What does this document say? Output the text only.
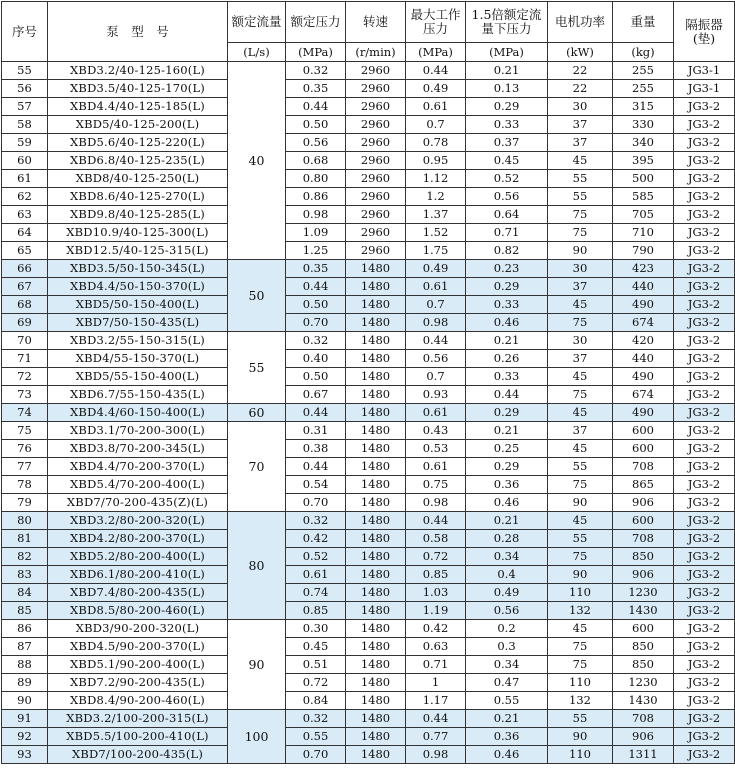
序号	泵　型　号	额定流量	额定压力	转速	最大工作压力	1.5倍额定流量下压力	电机功率	重量	隔振器(垫)
		(L/s)	(MPa)	(r/min)	(MPa)	(MPa)	(kW)	(kg)	
55	XBD3.2/40-125-160(L)	40	0.32	2960	0.44	0.21	22	255	JG3-1
56	XBD3.5/40-125-170(L)		0.35	2960	0.49	0.13	22	255	JG3-1
57	XBD4.4/40-125-185(L)		0.44	2960	0.61	0.29	30	315	JG3-2
58	XBD5/40-125-200(L)		0.50	2960	0.7	0.33	37	330	JG3-2
59	XBD5.6/40-125-220(L)		0.56	2960	0.78	0.37	37	340	JG3-2
60	XBD6.8/40-125-235(L)		0.68	2960	0.95	0.45	45	395	JG3-2
61	XBD8/40-125-250(L)		0.80	2960	1.12	0.52	55	500	JG3-2
62	XBD8.6/40-125-270(L)		0.86	2960	1.2	0.56	55	585	JG3-2
63	XBD9.8/40-125-285(L)		0.98	2960	1.37	0.64	75	705	JG3-2
64	XBD10.9/40-125-300(L)		1.09	2960	1.52	0.71	75	710	JG3-2
65	XBD12.5/40-125-315(L)		1.25	2960	1.75	0.82	90	790	JG3-2
66	XBD3.5/50-150-345(L)	50	0.35	1480	0.49	0.23	30	423	JG3-2
67	XBD4.4/50-150-370(L)		0.44	1480	0.61	0.29	37	440	JG3-2
68	XBD5/50-150-400(L)		0.50	1480	0.7	0.33	45	490	JG3-2
69	XBD7/50-150-435(L)		0.70	1480	0.98	0.46	75	674	JG3-2
70	XBD3.2/55-150-315(L)	55	0.32	1480	0.44	0.21	30	420	JG3-2
71	XBD4/55-150-370(L)		0.40	1480	0.56	0.26	37	440	JG3-2
72	XBD5/55-150-400(L)		0.50	1480	0.7	0.33	45	490	JG3-2
73	XBD6.7/55-150-435(L)		0.67	1480	0.93	0.44	75	674	JG3-2
74	XBD4.4/60-150-400(L)	60	0.44	1480	0.61	0.29	45	490	JG3-2
75	XBD3.1/70-200-300(L)	70	0.31	1480	0.43	0.21	37	600	JG3-2
76	XBD3.8/70-200-345(L)		0.38	1480	0.53	0.25	45	600	JG3-2
77	XBD4.4/70-200-370(L)		0.44	1480	0.61	0.29	55	708	JG3-2
78	XBD5.4/70-200-400(L)		0.54	1480	0.75	0.36	75	865	JG3-2
79	XBD7/70-200-435(Z)(L)		0.70	1480	0.98	0.46	90	906	JG3-2
80	XBD3.2/80-200-320(L)	80	0.32	1480	0.44	0.21	45	600	JG3-2
81	XBD4.2/80-200-370(L)		0.42	1480	0.58	0.28	55	708	JG3-2
82	XBD5.2/80-200-400(L)		0.52	1480	0.72	0.34	75	850	JG3-2
83	XBD6.1/80-200-410(L)		0.61	1480	0.85	0.4	90	906	JG3-2
84	XBD7.4/80-200-435(L)		0.74	1480	1.03	0.49	110	1230	JG3-2
85	XBD8.5/80-200-460(L)		0.85	1480	1.19	0.56	132	1430	JG3-2
86	XBD3/90-200-320(L)	90	0.30	1480	0.42	0.2	45	600	JG3-2
87	XBD4.5/90-200-370(L)		0.45	1480	0.63	0.3	75	850	JG3-2
88	XBD5.1/90-200-400(L)		0.51	1480	0.71	0.34	75	850	JG3-2
89	XBD7.2/90-200-435(L)		0.72	1480	1	0.47	110	1230	JG3-2
90	XBD8.4/90-200-460(L)		0.84	1480	1.17	0.55	132	1430	JG3-2
91	XBD3.2/100-200-315(L)	100	0.32	1480	0.44	0.21	55	708	JG3-2
92	XBD5.5/100-200-410(L)		0.55	1480	0.77	0.36	90	906	JG3-2
93	XBD7/100-200-435(L)		0.70	1480	0.98	0.46	110	1311	JG3-2
